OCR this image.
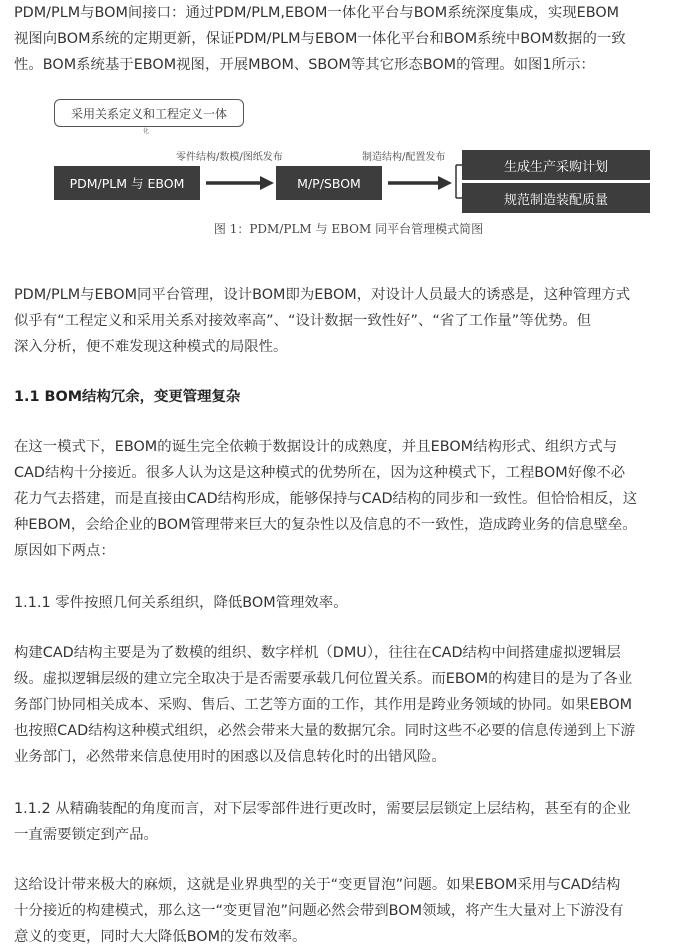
PDM/PLM与BOM间接口：通过PDM/PLM,EBOM一体化平台与BOM系统深度集成，实现EBOM
视图向BOM系统的定期更新，保证PDM/PLM与EBOM一体化平台和BOM系统中BOM数据的一致
性。BOM系统基于EBOM视图，开展MBOM、SBOM等其它形态BOM的管理。如图1所示：

采用关系定义和工程定义一体
化
零件结构/数模/图纸发布	制造结构/配置发布
PDM/PLM 与 EBOM	M/P/SBOM
生成生产采购计划
规范制造装配质量
图 1：PDM/PLM 与 EBOM 同平台管理模式简图

PDM/PLM与EBOM同平台管理，设计BOM即为EBOM，对设计人员最大的诱惑是，这种管理方式
似乎有“工程定义和采用关系对接效率高”、“设计数据一致性好”、“省了工作量”等优势。但
深入分析，便不难发现这种模式的局限性。

1.1 BOM结构冗余，变更管理复杂

在这一模式下，EBOM的诞生完全依赖于数据设计的成熟度，并且EBOM结构形式、组织方式与
CAD结构十分接近。很多人认为这是这种模式的优势所在，因为这种模式下，工程BOM好像不必
花力气去搭建，而是直接由CAD结构形成，能够保持与CAD结构的同步和一致性。但恰恰相反，这
种EBOM，会给企业的BOM管理带来巨大的复杂性以及信息的不一致性，造成跨业务的信息壁垒。
原因如下两点：

1.1.1 零件按照几何关系组织，降低BOM管理效率。

构建CAD结构主要是为了数模的组织、数字样机（DMU），往往在CAD结构中间搭建虚拟逻辑层
级。虚拟逻辑层级的建立完全取决于是否需要承载几何位置关系。而EBOM的构建目的是为了各业
务部门协同相关成本、采购、售后、工艺等方面的工作，其作用是跨业务领域的协同。如果EBOM
也按照CAD结构这种模式组织，必然会带来大量的数据冗余。同时这些不必要的信息传递到上下游
业务部门，必然带来信息使用时的困惑以及信息转化时的出错风险。

1.1.2 从精确装配的角度而言，对下层零部件进行更改时，需要层层锁定上层结构，甚至有的企业
一直需要锁定到产品。

这给设计带来极大的麻烦，这就是业界典型的关于“变更冒泡”问题。如果EBOM采用与CAD结构
十分接近的构建模式，那么这一“变更冒泡”问题必然会带到BOM领域，将产生大量对上下游没有
意义的变更，同时大大降低BOM的发布效率。
